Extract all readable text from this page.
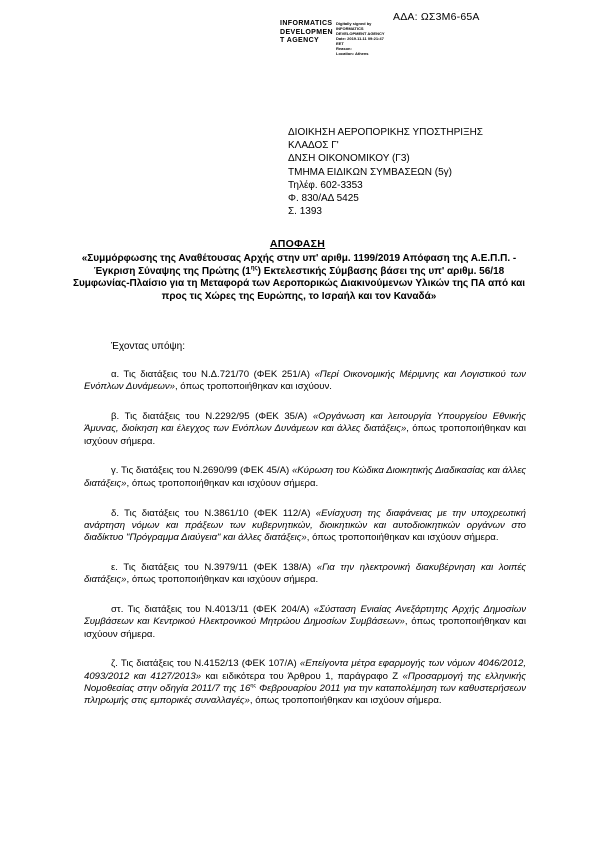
ΑΔΑ: ΩΣ3Μ6-65Α
INFORMATICS
DEVELOPMEN
T AGENCY
Digitally signed by
INFORMATICS
DEVELOPMENT AGENCY
Date: 2019.11.11 09:21:47
EET
Reason:
Location: Athens
ΔΙΟΙΚΗΣΗ ΑΕΡΟΠΟΡΙΚΗΣ ΥΠΟΣΤΗΡΙΞΗΣ
ΚΛΑΔΟΣ Γ'
ΔΝΣΗ ΟΙΚΟΝΟΜΙΚΟΥ (Γ3)
ΤΜΗΜΑ ΕΙΔΙΚΩΝ ΣΥΜΒΑΣΕΩΝ (5γ)
Τηλέφ. 602-3353
Φ. 830/ΑΔ 5425
Σ. 1393
ΑΠΟΦΑΣΗ
«Συμμόρφωσης της Αναθέτουσας Αρχής στην υπ' αριθμ. 1199/2019 Απόφαση της Α.Ε.Π.Π. - Έγκριση Σύναψης της Πρώτης $(1^{\eta\varsigma})$ Εκτελεστικής Σύμβασης βάσει της υπ' αριθμ. 56/18 Συμφωνίας-Πλαίσιο για τη Μεταφορά των Αεροπορικώς Διακινούμενων Υλικών της ΠΑ από και προς τις Χώρες της Ευρώπης, το Ισραήλ και τον Καναδά»
Έχοντας υπόψη:

α. Τις διατάξεις του Ν.Δ.721/70 (ΦΕΚ 251/Α) «Περί Οικονομικής Μέριμνης και Λογιστικού των Ενόπλων Δυνάμεων», όπως τροποποιήθηκαν και ισχύουν.

β. Τις διατάξεις του Ν.2292/95 (ΦΕΚ 35/Α) «Οργάνωση και λειτουργία Υπουργείου Εθνικής Άμυνας, διοίκηση και έλεγχος των Ενόπλων Δυνάμεων και άλλες διατάξεις», όπως τροποποιήθηκαν και ισχύουν σήμερα.

γ. Τις διατάξεις του Ν.2690/99 (ΦΕΚ 45/Α) «Κύρωση του Κώδικα Διοικητικής Διαδικασίας και άλλες διατάξεις», όπως τροποποιήθηκαν και ισχύουν σήμερα.

δ. Τις διατάξεις του Ν.3861/10 (ΦΕΚ 112/Α) «Ενίσχυση της διαφάνειας με την υποχρεωτική ανάρτηση νόμων και πράξεων των κυβερνητικών, διοικητικών και αυτοδιοικητικών οργάνων στο διαδίκτυο "Πρόγραμμα Διαύγεια" και άλλες διατάξεις», όπως τροποποιήθηκαν και ισχύουν σήμερα.

ε. Τις διατάξεις του Ν.3979/11 (ΦΕΚ 138/Α) «Για την ηλεκτρονική διακυβέρνηση και λοιπές διατάξεις», όπως τροποποιήθηκαν και ισχύουν σήμερα.

στ. Τις διατάξεις του Ν.4013/11 (ΦΕΚ 204/Α) «Σύσταση Ενιαίας Ανεξάρτητης Αρχής Δημοσίων Συμβάσεων και Κεντρικού Ηλεκτρονικού Μητρώου Δημοσίων Συμβάσεων», όπως τροποποιήθηκαν και ισχύουν σήμερα.

ζ. Τις διατάξεις του Ν.4152/13 (ΦΕΚ 107/Α) «Επείγοντα μέτρα εφαρμογής των νόμων 4046/2012, 4093/2012 και 4127/2013» και ειδικότερα του Άρθρου 1, παράγραφο Ζ «Προσαρμογή της ελληνικής Νομοθεσίας στην οδηγία 2011/7 της $16^{\eta\varsigma}$ Φεβρουαρίου 2011 για την καταπολέμηση των καθυστερήσεων πληρωμής στις εμπορικές συναλλαγές», όπως τροποποιήθηκαν και ισχύουν σήμερα.
